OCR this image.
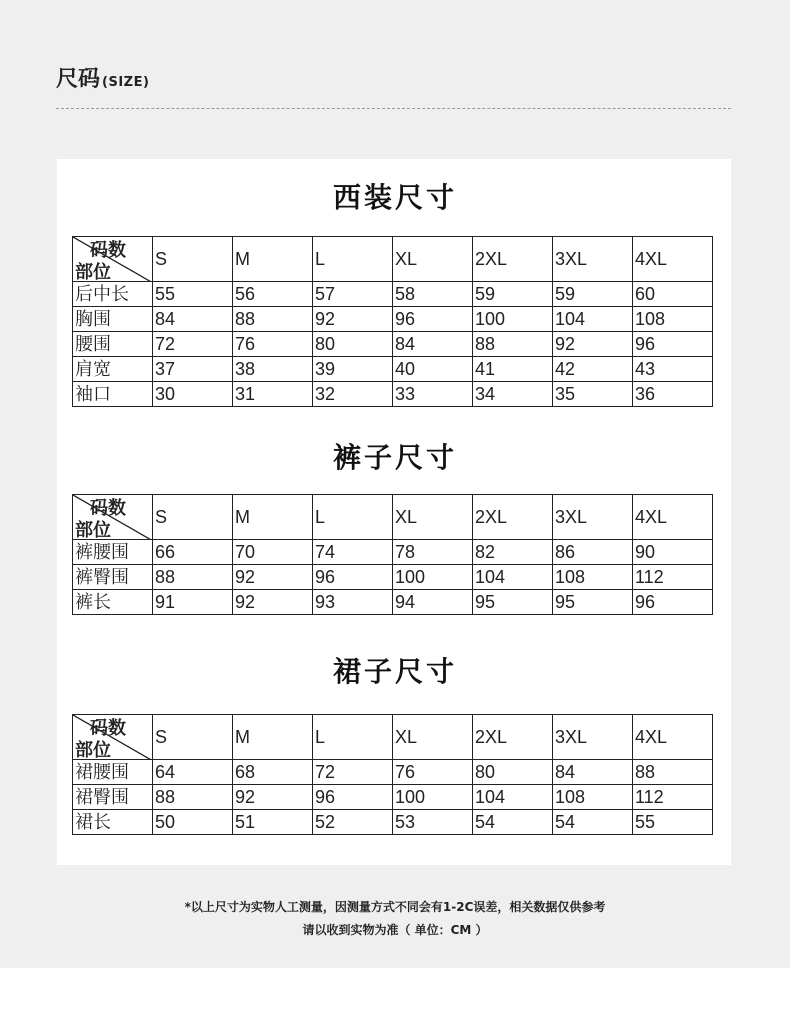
尺码 (SIZE)
西装尺寸
码数
部位	S	M	L	XL	2XL	3XL	4XL
后中长	55	56	57	58	59	59	60
胸围	84	88	92	96	100	104	108
腰围	72	76	80	84	88	92	96
肩宽	37	38	39	40	41	42	43
袖口	30	31	32	33	34	35	36
裤子尺寸
码数
部位	S	M	L	XL	2XL	3XL	4XL
裤腰围	66	70	74	78	82	86	90
裤臀围	88	92	96	100	104	108	112
裤长	91	92	93	94	95	95	96
裙子尺寸
码数
部位	S	M	L	XL	2XL	3XL	4XL
裙腰围	64	68	72	76	80	84	88
裙臀围	88	92	96	100	104	108	112
裙长	50	51	52	53	54	54	55
*以上尺寸为实物人工测量，因测量方式不同会有1-2C误差，相关数据仅供参考
请以收到实物为准（ 单位：CM ）
